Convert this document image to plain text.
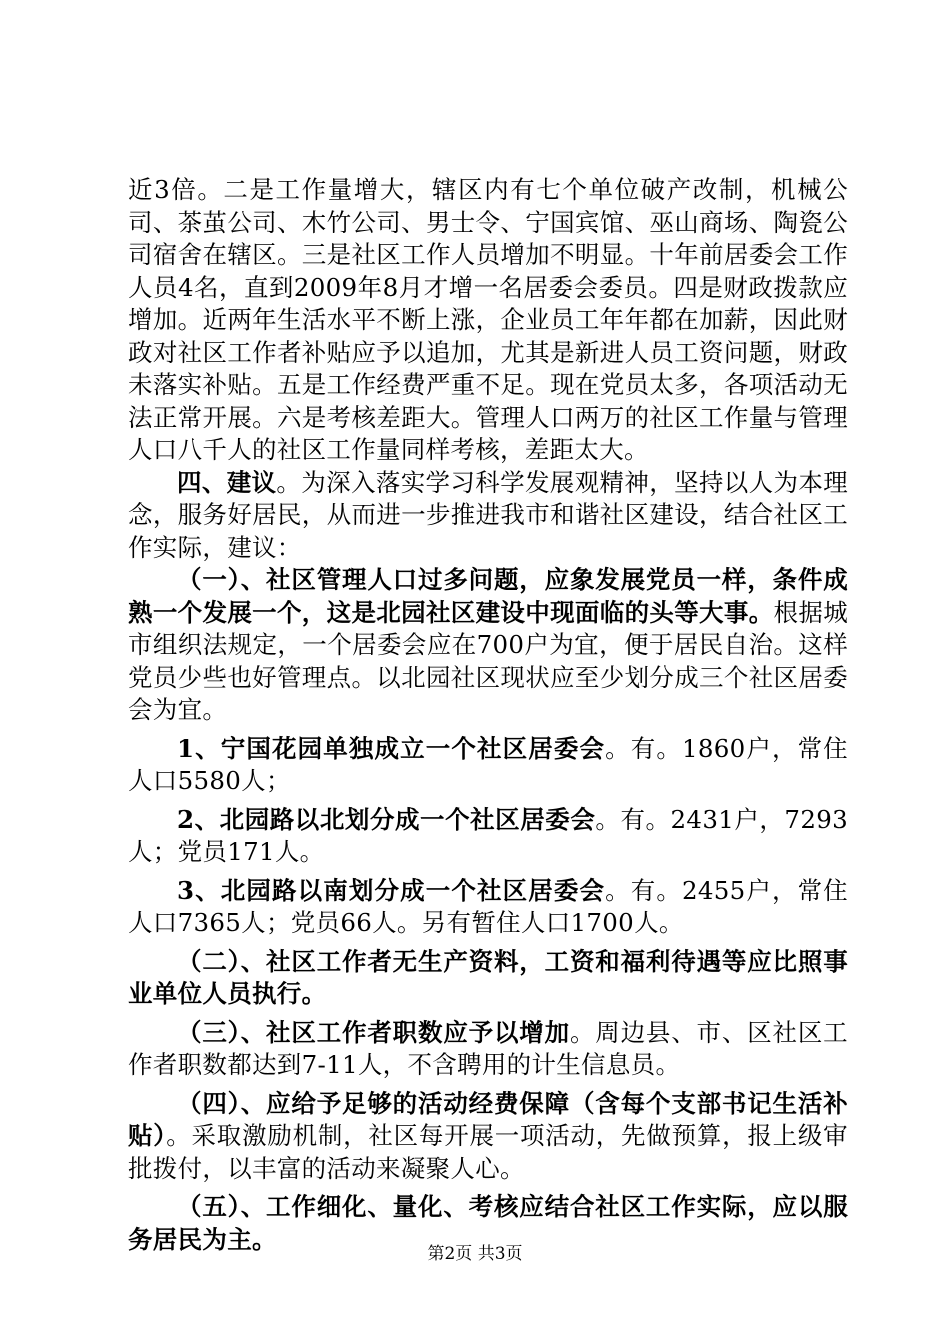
近3倍。二是工作量增大，辖区内有七个单位破产改制，机械公司、茶茧公司、木竹公司、男士令、宁国宾馆、巫山商场、陶瓷公司宿舍在辖区。三是社区工作人员增加不明显。十年前居委会工作人员4名，直到2009年8月才增一名居委会委员。四是财政拨款应增加。近两年生活水平不断上涨，企业员工年年都在加薪，因此财政对社区工作者补贴应予以追加，尤其是新进人员工资问题，财政未落实补贴。五是工作经费严重不足。现在党员太多，各项活动无法正常开展。六是考核差距大。管理人口两万的社区工作量与管理人口八千人的社区工作量同样考核，差距太大。

四、建议。为深入落实学习科学发展观精神，坚持以人为本理念，服务好居民，从而进一步推进我市和谐社区建设，结合社区工作实际，建议：

（一）、社区管理人口过多问题，应象发展党员一样，条件成熟一个发展一个，这是北园社区建设中现面临的头等大事。根据城市组织法规定，一个居委会应在700户为宜，便于居民自治。这样党员少些也好管理点。以北园社区现状应至少划分成三个社区居委会为宜。

1、宁国花园单独成立一个社区居委会。有。1860户，常住人口5580人；

2、北园路以北划分成一个社区居委会。有。2431户，7293人；党员171人。

3、北园路以南划分成一个社区居委会。有。2455户，常住人口7365人；党员66人。另有暂住人口1700人。

（二）、社区工作者无生产资料，工资和福利待遇等应比照事业单位人员执行。

（三）、社区工作者职数应予以增加。周边县、市、区社区工作者职数都达到7-11人，不含聘用的计生信息员。

（四）、应给予足够的活动经费保障（含每个支部书记生活补贴）。采取激励机制，社区每开展一项活动，先做预算，报上级审批拨付，以丰富的活动来凝聚人心。

（五）、工作细化、量化、考核应结合社区工作实际，应以服务居民为主。

第2页 共3页
